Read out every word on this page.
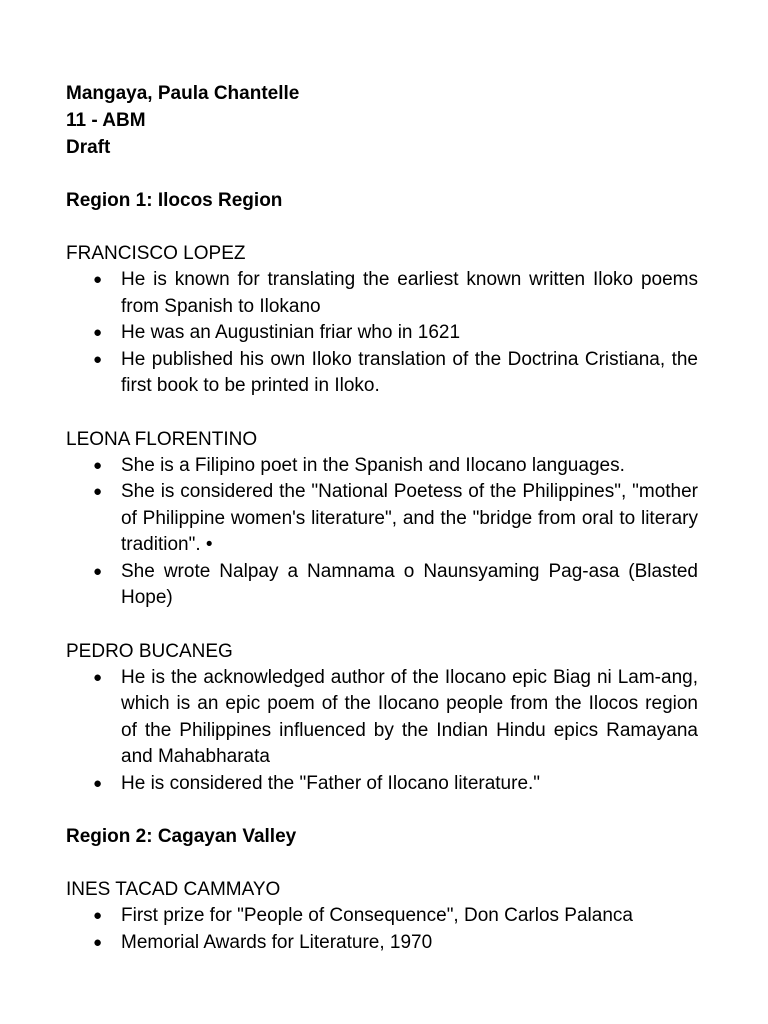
Mangaya, Paula Chantelle
11 - ABM
Draft
Region 1: Ilocos Region
FRANCISCO LOPEZ
● He is known for translating the earliest known written Iloko poems from Spanish to Ilokano
● He was an Augustinian friar who in 1621
● He published his own Iloko translation of the Doctrina Cristiana, the first book to be printed in Iloko.
LEONA FLORENTINO
● She is a Filipino poet in the Spanish and Ilocano languages.
● She is considered the "National Poetess of the Philippines", "mother of Philippine women's literature", and the "bridge from oral to literary tradition". •
● She wrote Nalpay a Namnama o Naunsyaming Pag-asa (Blasted Hope)
PEDRO BUCANEG
● He is the acknowledged author of the Ilocano epic Biag ni Lam-ang, which is an epic poem of the Ilocano people from the Ilocos region of the Philippines influenced by the Indian Hindu epics Ramayana and Mahabharata
● He is considered the "Father of Ilocano literature."
Region 2: Cagayan Valley
INES TACAD CAMMAYO
● First prize for "People of Consequence", Don Carlos Palanca
● Memorial Awards for Literature, 1970
